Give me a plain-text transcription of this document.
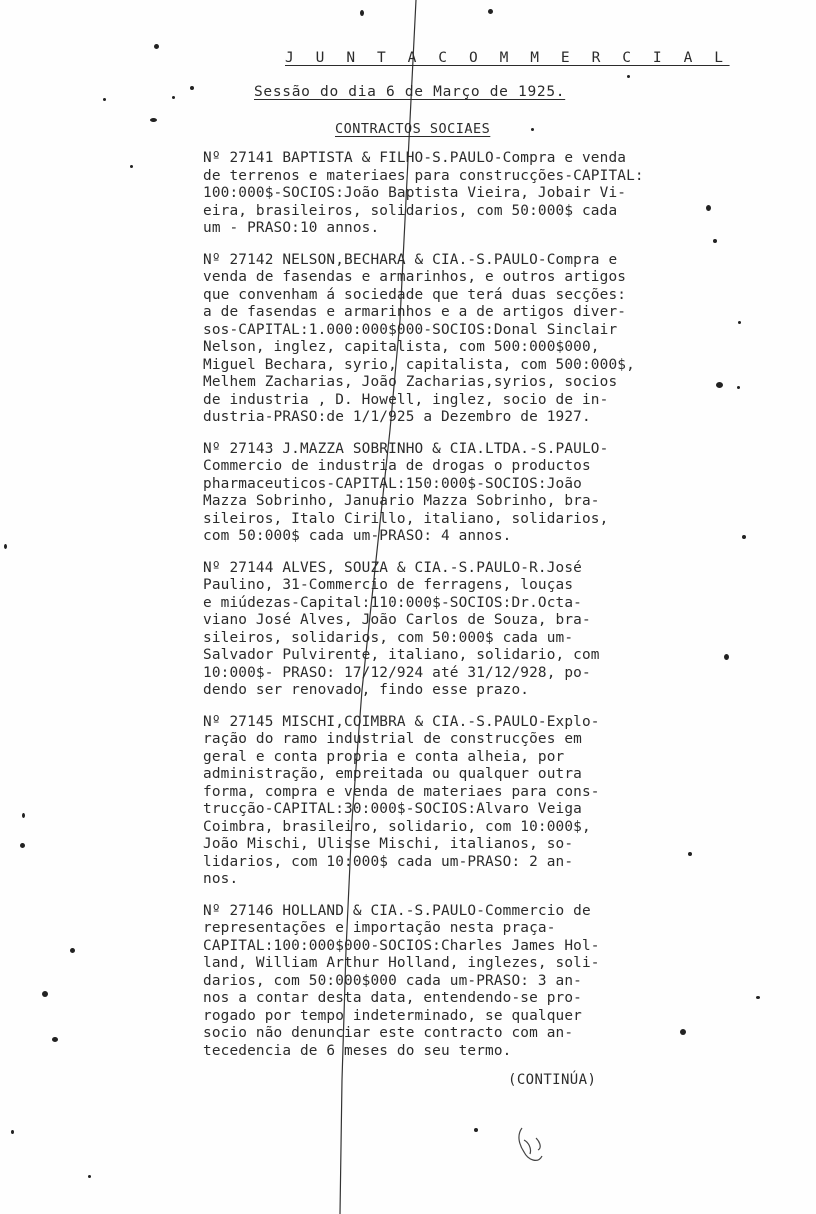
J U N T A C O M M E R C I A L
Sessão do dia 6 de Março de 1925.
CONTRACTOS SOCIAES
Nº 27141 BAPTISTA & FILHO-S.PAULO-Compra e venda
de terrenos e materiaes para construcções-CAPITAL:
100:000$-SOCIOS:João Baptista Vieira, Jobair Vi-
eira, brasileiros, solidarios, com 50:000$ cada
um - PRASO:10 annos.
Nº 27142 NELSON,BECHARA & CIA.-S.PAULO-Compra e
venda de fasendas e armarinhos, e outros artigos
que convenham á sociedade que terá duas secções:
a de fasendas e armarinhos e a de artigos diver-
sos-CAPITAL:1.000:000$000-SOCIOS:Donal Sinclair
Nelson, inglez, capitalista, com 500:000$000,
Miguel Bechara, syrio, capitalista, com 500:000$,
Melhem Zacharias, João Zacharias,syrios, socios
de industria , D. Howell, inglez, socio de in-
dustria-PRASO:de 1/1/925 a Dezembro de 1927.
Nº 27143 J.MAZZA SOBRINHO & CIA.LTDA.-S.PAULO-
Commercio de industria de drogas o productos
pharmaceuticos-CAPITAL:150:000$-SOCIOS:João
Mazza Sobrinho, Januario Mazza Sobrinho, bra-
sileiros, Italo Cirillo, italiano, solidarios,
com 50:000$ cada um-PRASO: 4 annos.
Nº 27144 ALVES, SOUZA & CIA.-S.PAULO-R.José
Paulino, 31-Commercio de ferragens, louças
e miúdezas-Capital:110:000$-SOCIOS:Dr.Octa-
viano José Alves, João Carlos de Souza, bra-
sileiros, solidarios, com 50:000$ cada um-
Salvador Pulvirente, italiano, solidario, com
10:000$- PRASO: 17/12/924 até 31/12/928, po-
dendo ser renovado, findo esse prazo.
Nº 27145 MISCHI,COIMBRA & CIA.-S.PAULO-Explo-
ração do ramo industrial de construcções em
geral e conta propria e conta alheia, por
administração, empreitada ou qualquer outra
forma, compra e venda de materiaes para cons-
trucção-CAPITAL:30:000$-SOCIOS:Alvaro Veiga
Coimbra, brasileiro, solidario, com 10:000$,
João Mischi, Ulisse Mischi, italianos, so-
lidarios, com 10:000$ cada um-PRASO: 2 an-
nos.
Nº 27146 HOLLAND & CIA.-S.PAULO-Commercio de
representações e importação nesta praça-
CAPITAL:100:000$000-SOCIOS:Charles James Hol-
land, William Arthur Holland, inglezes, soli-
darios, com 50:000$000 cada um-PRASO: 3 an-
nos a contar desta data, entendendo-se pro-
rogado por tempo indeterminado, se qualquer
socio não denunciar este contracto com an-
tecedencia de 6 meses do seu termo.
(CONTINÚA)
